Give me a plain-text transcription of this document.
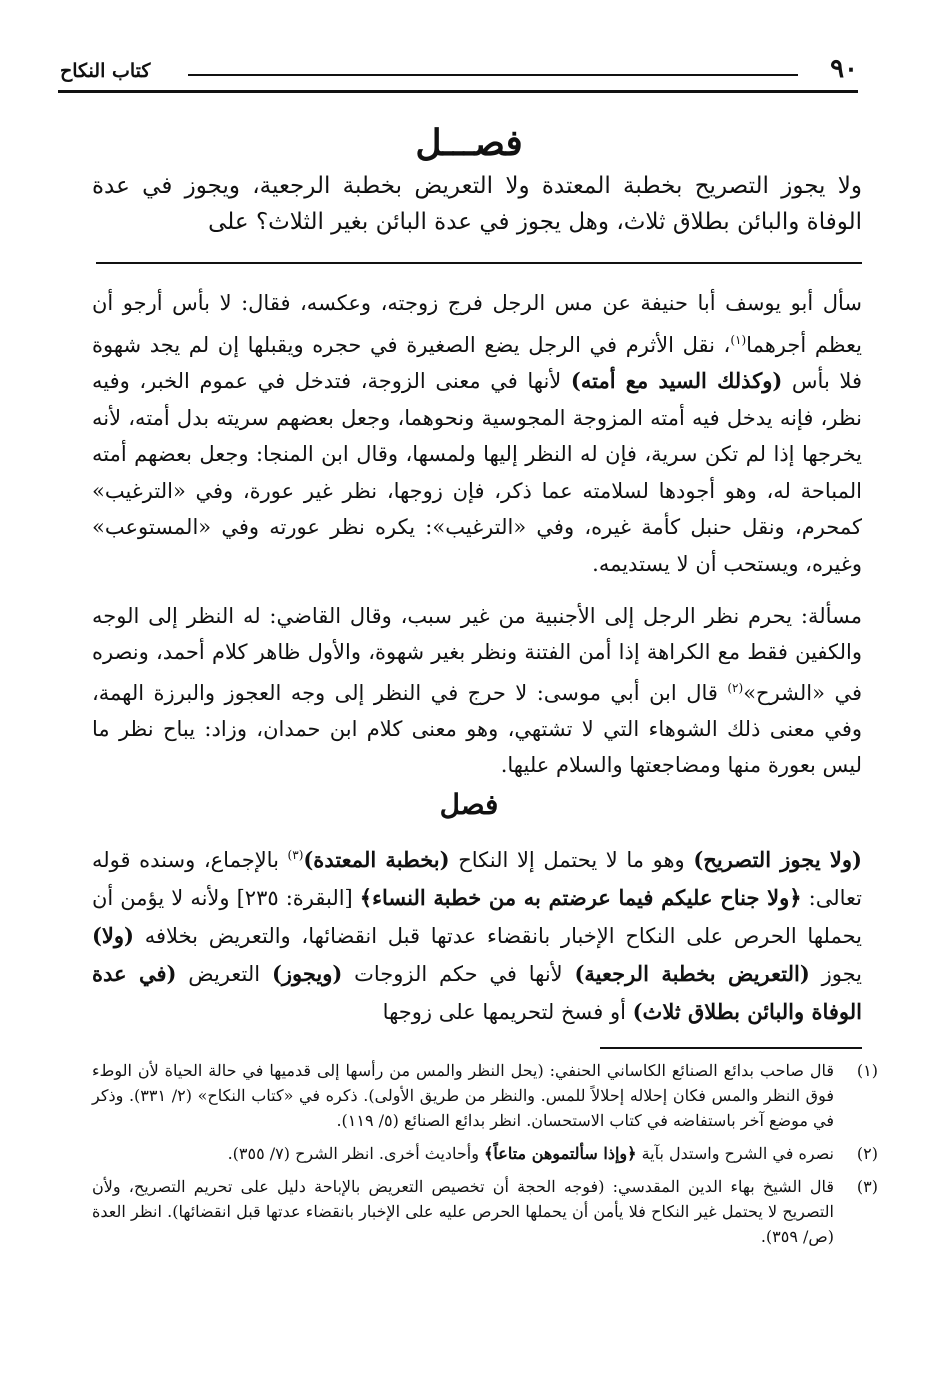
كتاب النكاح	٩٠
فصـــل
ولا يجوز التصريح بخطبة المعتدة ولا التعريض بخطبة الرجعية، ويجوز في عدة الوفاة والبائن بطلاق ثلاث، وهل يجوز في عدة البائن بغير الثلاث؟ على
سأل أبو يوسف أبا حنيفة عن مس الرجل فرج زوجته، وعكسه، فقال: لا بأس أرجو أن يعظم أجرهما$^{(١)}$، نقل الأثرم في الرجل يضع الصغيرة في حجره ويقبلها إن لم يجد شهوة فلا بأس (وكذلك السيد مع أمته) لأنها في معنى الزوجة، فتدخل في عموم الخبر، وفيه نظر، فإنه يدخل فيه أمته المزوجة المجوسية ونحوهما، وجعل بعضهم سريته بدل أمته، لأنه يخرجها إذا لم تكن سرية، فإن له النظر إليها ولمسها، وقال ابن المنجا: وجعل بعضهم أمته المباحة له، وهو أجودها لسلامته عما ذكر، فإن زوجها، نظر غير عورة، وفي «الترغيب» كمحرم، ونقل حنبل كأمة غيره، وفي «الترغيب»: يكره نظر عورته وفي «المستوعب» وغيره، ويستحب أن لا يستديمه.
مسألة: يحرم نظر الرجل إلى الأجنبية من غير سبب، وقال القاضي: له النظر إلى الوجه والكفين فقط مع الكراهة إذا أمن الفتنة ونظر بغير شهوة، والأول ظاهر كلام أحمد، ونصره في «الشرح»$^{(٢)}$ قال ابن أبي موسى: لا حرج في النظر إلى وجه العجوز والبرزة الهمة، وفي معنى ذلك الشوهاء التي لا تشتهي، وهو معنى كلام ابن حمدان، وزاد: يباح نظر ما ليس بعورة منها ومضاجعتها والسلام عليها.
فصل
(ولا يجوز التصريح) وهو ما لا يحتمل إلا النكاح (بخطبة المعتدة)$^{(٣)}$ بالإجماع، وسنده قوله تعالى: ﴿ولا جناح عليكم فيما عرضتم به من خطبة النساء﴾ [البقرة: ٢٣٥] ولأنه لا يؤمن أن يحملها الحرص على النكاح الإخبار بانقضاء عدتها قبل انقضائها، والتعريض بخلافه (ولا) يجوز (التعريض بخطبة الرجعية) لأنها في حكم الزوجات (ويجوز) التعريض (في عدة الوفاة والبائن بطلاق ثلاث) أو فسخ لتحريمها على زوجها
(١)
قال صاحب بدائع الصنائع الكاساني الحنفي: (يحل النظر والمس من رأسها إلى قدميها في حالة الحياة لأن الوطء فوق النظر والمس فكان إحلاله إحلالاً للمس. والنظر من طريق الأولى). ذكره في «كتاب النكاح» (٢/ ٣٣١). وذكر في موضع آخر باستفاضه في كتاب الاستحسان. انظر بدائع الصنائع (٥/ ١١٩).
(٢)
نصره في الشرح واستدل بآية ﴿وإذا سألتموهن متاعاً﴾ وأحاديث أخرى. انظر الشرح (٧/ ٣٥٥).
(٣)
قال الشيخ بهاء الدين المقدسي: (فوجه الحجة أن تخصيص التعريض بالإباحة دليل على تحريم التصريح، ولأن التصريح لا يحتمل غير النكاح فلا يأمن أن يحملها الحرص عليه على الإخبار بانقضاء عدتها قبل انقضائها). انظر العدة (ص/ ٣٥٩).
